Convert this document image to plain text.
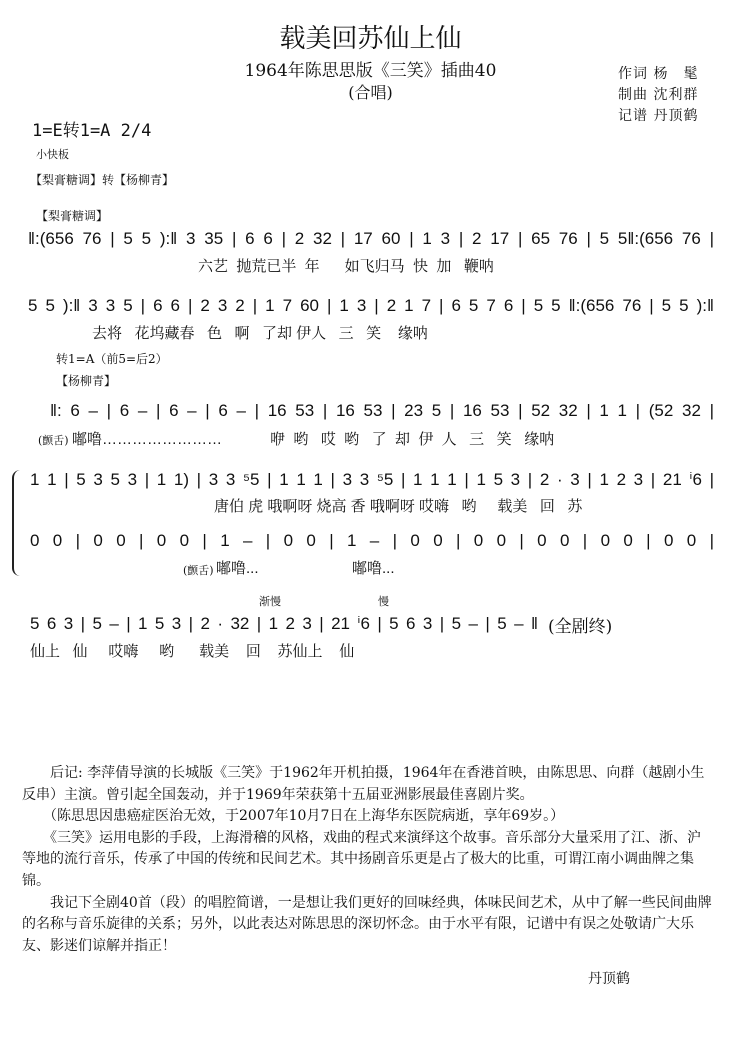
载美回苏仙上仙
1964年陈思思版《三笑》插曲40
(合唱)
作词 杨　髦
制曲 沈利群
记谱 丹顶鹤
1=E转1=A 2/4
小快板
【梨膏糖调】转【杨柳青】
【梨膏糖调】
‖:(656 76 | 5 5 ):‖ 3 35 | 6 6 | 2 32 | 17 60 | 1 3 | 2 17 | 65 76 | 5 5‖:(656 76 |
六艺  抛荒已半  年      如飞归马  快  加   鞭呐
5 5 ):‖ 3 3 5 | 6 6 | 2 3 2 | 1 7 60 | 1 3 | 2 1 7 | 6 5 7 6 | 5 5 ‖:(656 76 | 5 5 ):‖
去将   花坞藏春   色   啊   了却 伊人   三   笑    缘呐
转1=A（前5=后2）
【杨柳青】
‖: 6 – | 6 – | 6 – | 6 – | 16 53 | 16 53 | 23 5 | 16 53 | 52 32 | 1 1 | (52 32 |
(颤舌) 嘟噜……………………	咿  哟   哎  哟   了  却  伊  人   三   笑   缘呐
1 1 | 5 3 5 3 | 1 1) | 3 3 ⁵5 | 1 1 1 | 3 3 ⁵5 | 1 1 1 | 1 5 3 | 2 · 3 | 1 2 3 | 21 ⁱ6 |
唐伯 虎 哦啊呀 烧高 香 哦啊呀 哎嗨   哟     载美   回   苏
0 0 | 0 0 | 0 0 | 1 – | 0 0 | 1 – | 0 0 | 0 0 | 0 0 | 0 0 | 0 0 |
(颤舌) 嘟噜...	嘟噜...
渐慢	慢
5 6 3 | 5 – | 1 5 3 | 2 · 32 | 1 2 3 | 21 ⁱ6 | 5 6 3 | 5 – | 5 – ‖ (全剧终)
仙上   仙     哎嗨     哟      载美    回    苏仙上    仙

　　后记: 李萍倩导演的长城版《三笑》于1962年开机拍摄，1964年在香港首映，由陈思思、向群（越剧小生反串）主演。曾引起全国轰动，并于1969年荣获第十五届亚洲影展最佳喜剧片奖。

　　（陈思思因患癌症医治无效，于2007年10月7日在上海华东医院病逝，享年69岁。）

　　《三笑》运用电影的手段，上海滑稽的风格，戏曲的程式来演绎这个故事。音乐部分大量采用了江、浙、沪等地的流行音乐，传承了中国的传统和民间艺术。其中扬剧音乐更是占了极大的比重，可谓江南小调曲牌之集锦。

　　我记下全剧40首（段）的唱腔简谱，一是想让我们更好的回味经典，体味民间艺术，从中了解一些民间曲牌的名称与音乐旋律的关系；另外，以此表达对陈思思的深切怀念。由于水平有限，记谱中有误之处敬请广大乐友、影迷们谅解并指正！

丹顶鹤
